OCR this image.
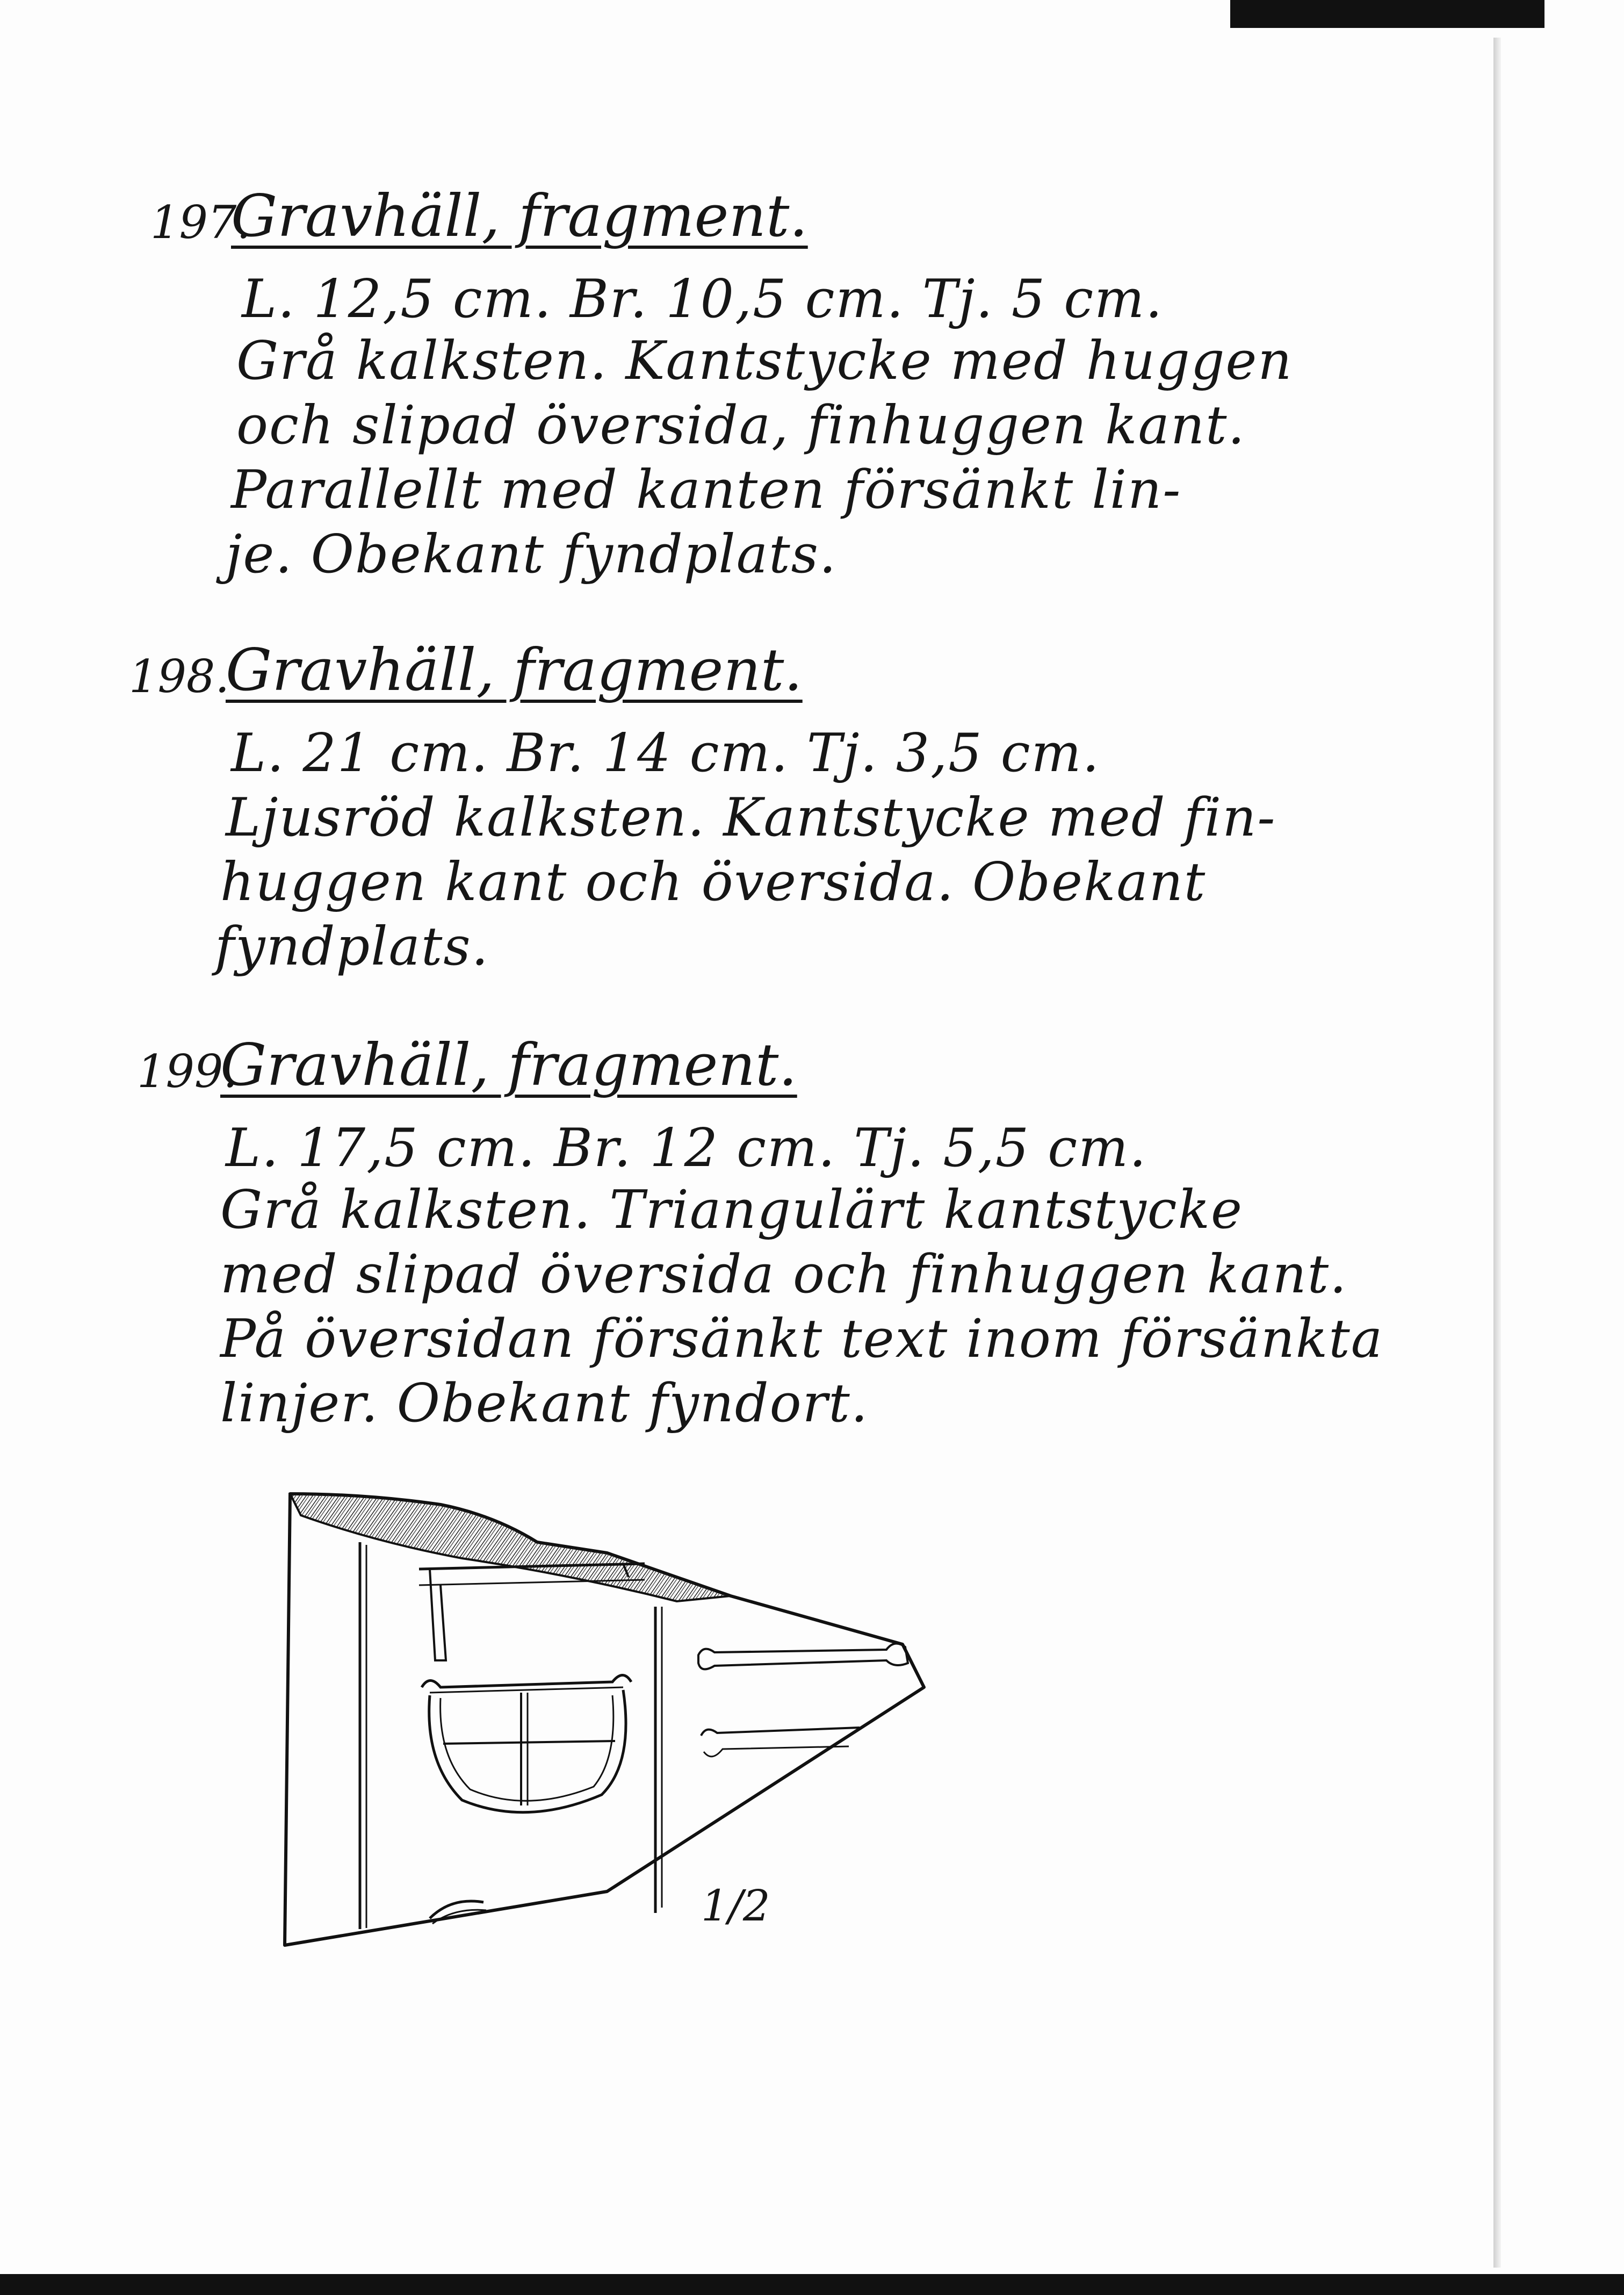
197.
Gravhäll, fragment.
L. 12,5 cm. Br. 10,5 cm. Tj. 5 cm.
Grå kalksten. Kantstycke med huggen
och slipad översida, finhuggen kant.
Parallellt med kanten försänkt lin-
je. Obekant fyndplats.
198.
Gravhäll, fragment.
L. 21 cm. Br. 14 cm. Tj. 3,5 cm.
Ljusröd kalksten. Kantstycke med fin-
huggen kant och översida. Obekant
fyndplats.
199.
Gravhäll, fragment.
L. 17,5 cm. Br. 12 cm. Tj. 5,5 cm.
Grå kalksten. Triangulärt kantstycke
med slipad översida och finhuggen kant.
På översidan försänkt text inom försänkta
linjer. Obekant fyndort.
1/2
